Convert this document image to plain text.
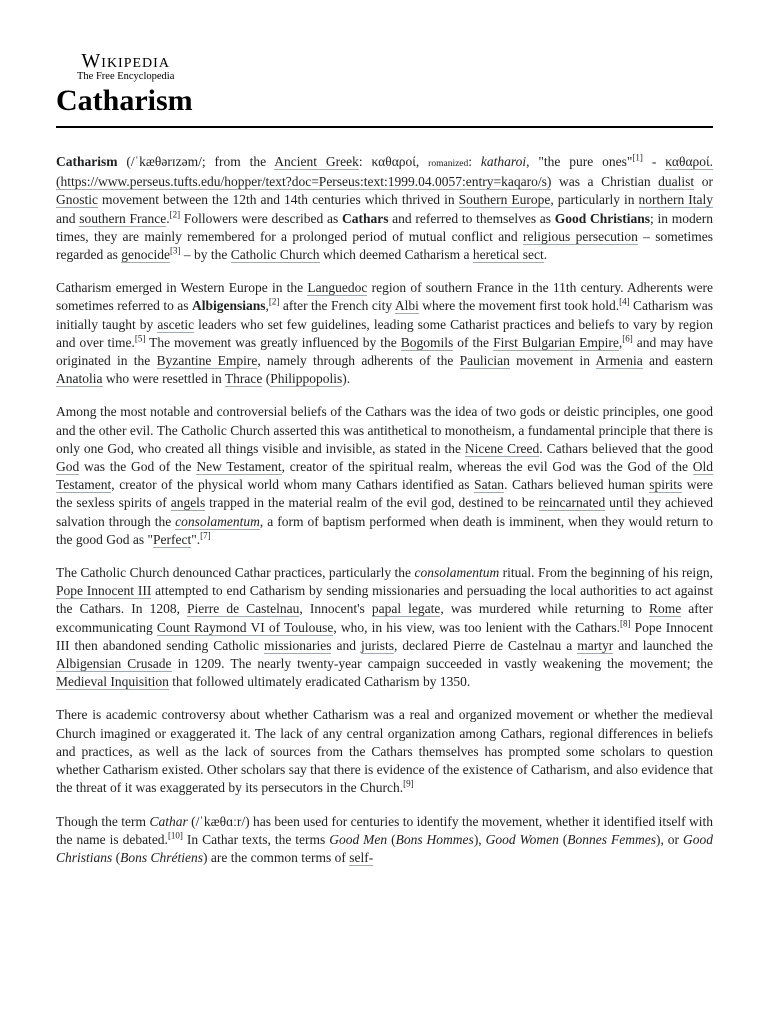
Wikipedia
The Free Encyclopedia
Catharism

Catharism (/ˈkæθərɪzəm/; from the Ancient Greek: καθαροί, romanized: katharoi, "the pure ones"[1] - καθαροί. (https://www.perseus.tufts.edu/hopper/text?doc=Perseus:text:1999.04.0057:entry=kaqaro/s) was a Christian dualist or Gnostic movement between the 12th and 14th centuries which thrived in Southern Europe, particularly in northern Italy and southern France.[2] Followers were described as Cathars and referred to themselves as Good Christians; in modern times, they are mainly remembered for a prolonged period of mutual conflict and religious persecution – sometimes regarded as genocide[3] – by the Catholic Church which deemed Catharism a heretical sect.

Catharism emerged in Western Europe in the Languedoc region of southern France in the 11th century. Adherents were sometimes referred to as Albigensians,[2] after the French city Albi where the movement first took hold.[4] Catharism was initially taught by ascetic leaders who set few guidelines, leading some Catharist practices and beliefs to vary by region and over time.[5] The movement was greatly influenced by the Bogomils of the First Bulgarian Empire,[6] and may have originated in the Byzantine Empire, namely through adherents of the Paulician movement in Armenia and eastern Anatolia who were resettled in Thrace (Philippopolis).

Among the most notable and controversial beliefs of the Cathars was the idea of two gods or deistic principles, one good and the other evil. The Catholic Church asserted this was antithetical to monotheism, a fundamental principle that there is only one God, who created all things visible and invisible, as stated in the Nicene Creed. Cathars believed that the good God was the God of the New Testament, creator of the spiritual realm, whereas the evil God was the God of the Old Testament, creator of the physical world whom many Cathars identified as Satan. Cathars believed human spirits were the sexless spirits of angels trapped in the material realm of the evil god, destined to be reincarnated until they achieved salvation through the consolamentum, a form of baptism performed when death is imminent, when they would return to the good God as "Perfect".[7]

The Catholic Church denounced Cathar practices, particularly the consolamentum ritual. From the beginning of his reign, Pope Innocent III attempted to end Catharism by sending missionaries and persuading the local authorities to act against the Cathars. In 1208, Pierre de Castelnau, Innocent's papal legate, was murdered while returning to Rome after excommunicating Count Raymond VI of Toulouse, who, in his view, was too lenient with the Cathars.[8] Pope Innocent III then abandoned sending Catholic missionaries and jurists, declared Pierre de Castelnau a martyr and launched the Albigensian Crusade in 1209. The nearly twenty-year campaign succeeded in vastly weakening the movement; the Medieval Inquisition that followed ultimately eradicated Catharism by 1350.

There is academic controversy about whether Catharism was a real and organized movement or whether the medieval Church imagined or exaggerated it. The lack of any central organization among Cathars, regional differences in beliefs and practices, as well as the lack of sources from the Cathars themselves has prompted some scholars to question whether Catharism existed. Other scholars say that there is evidence of the existence of Catharism, and also evidence that the threat of it was exaggerated by its persecutors in the Church.[9]

Though the term Cathar (/ˈkæθɑːr/) has been used for centuries to identify the movement, whether it identified itself with the name is debated.[10] In Cathar texts, the terms Good Men (Bons Hommes), Good Women (Bonnes Femmes), or Good Christians (Bons Chrétiens) are the common terms of self-
